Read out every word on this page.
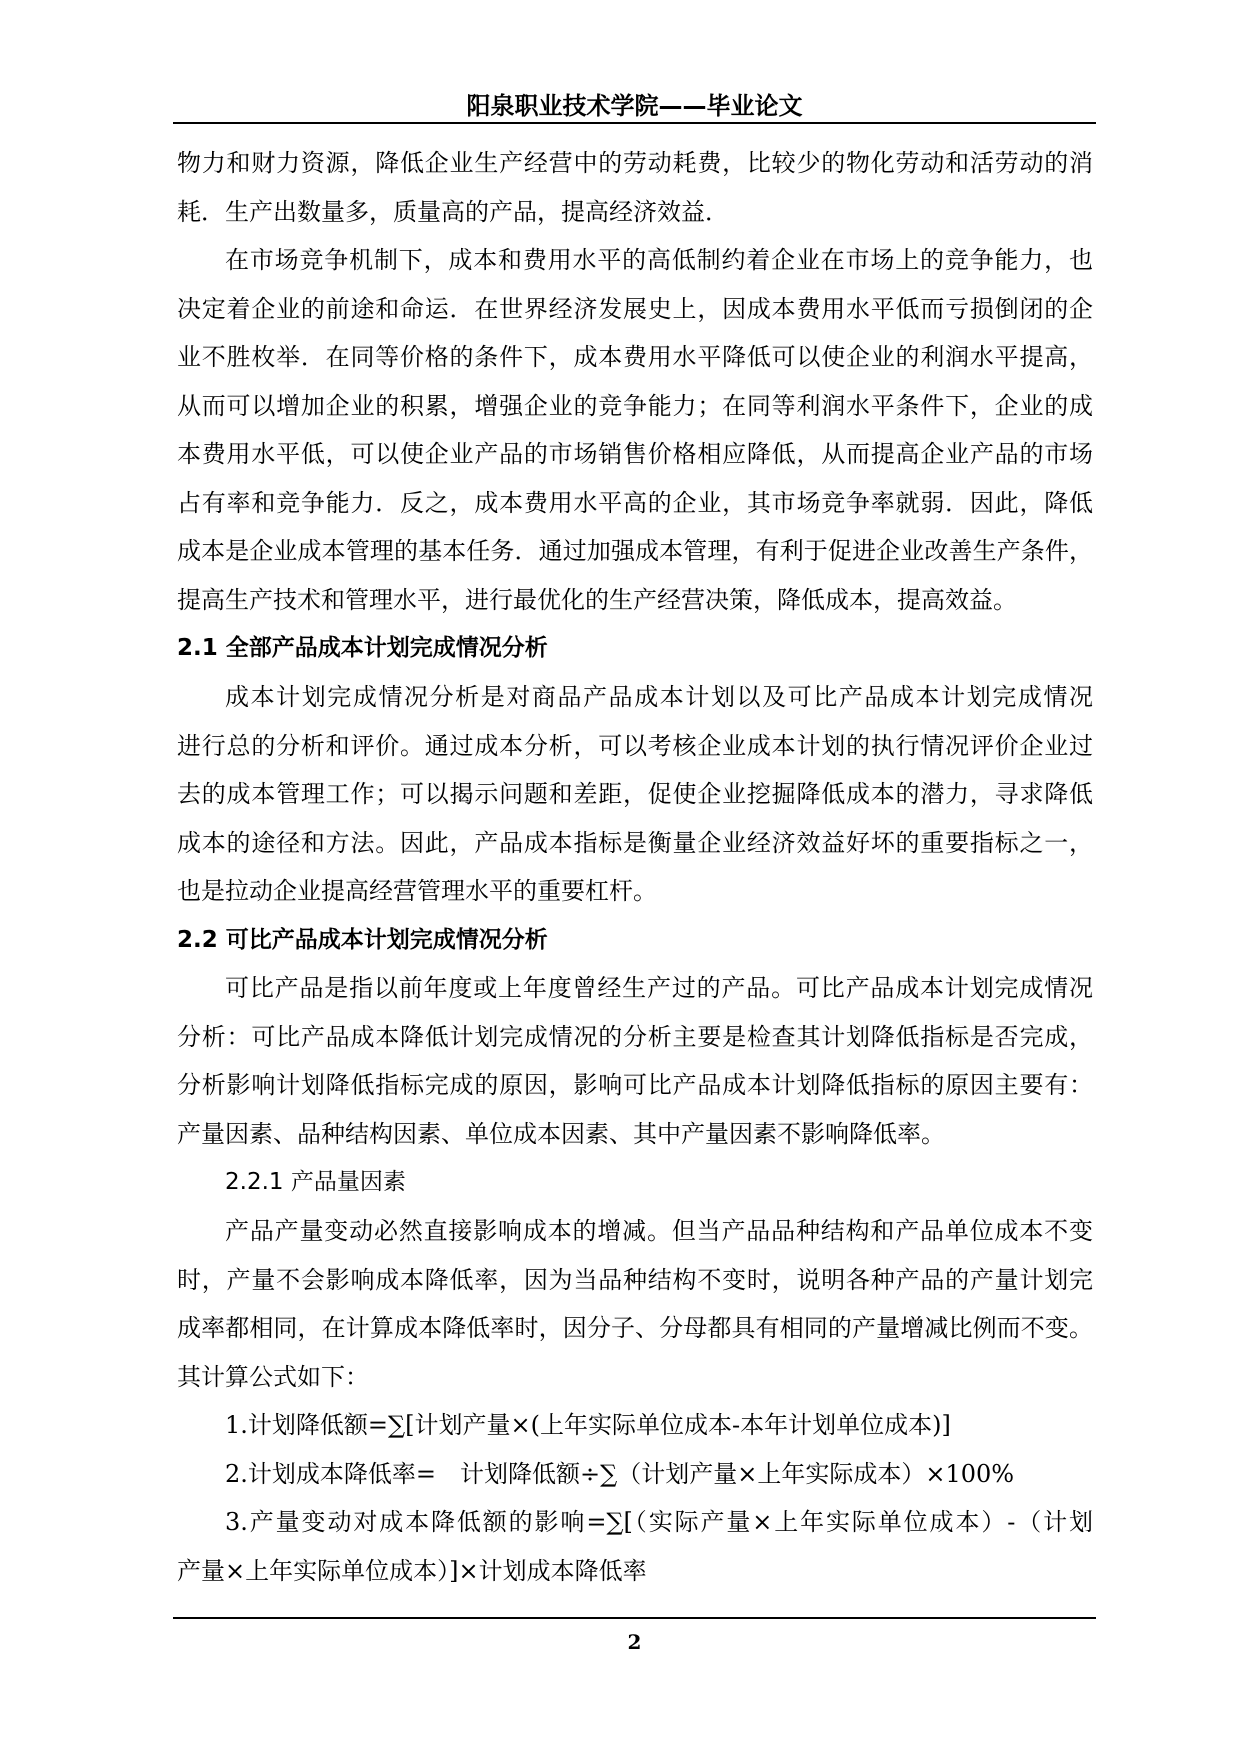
阳泉职业技术学院——毕业论文
物力和财力资源，降低企业生产经营中的劳动耗费，比较少的物化劳动和活劳动的消
耗．生产出数量多，质量高的产品，提高经济效益．
在市场竞争机制下，成本和费用水平的高低制约着企业在市场上的竞争能力，也
决定着企业的前途和命运．在世界经济发展史上，因成本费用水平低而亏损倒闭的企
业不胜枚举．在同等价格的条件下，成本费用水平降低可以使企业的利润水平提高，
从而可以增加企业的积累，增强企业的竞争能力；在同等利润水平条件下，企业的成
本费用水平低，可以使企业产品的市场销售价格相应降低，从而提高企业产品的市场
占有率和竞争能力．反之，成本费用水平高的企业，其市场竞争率就弱．因此，降低
成本是企业成本管理的基本任务．通过加强成本管理，有利于促进企业改善生产条件，
提高生产技术和管理水平，进行最优化的生产经营决策，降低成本，提高效益。
2.1 全部产品成本计划完成情况分析
成本计划完成情况分析是对商品产品成本计划以及可比产品成本计划完成情况
进行总的分析和评价。通过成本分析，可以考核企业成本计划的执行情况评价企业过
去的成本管理工作；可以揭示问题和差距，促使企业挖掘降低成本的潜力，寻求降低
成本的途径和方法。因此，产品成本指标是衡量企业经济效益好坏的重要指标之一，
也是拉动企业提高经营管理水平的重要杠杆。
2.2 可比产品成本计划完成情况分析
可比产品是指以前年度或上年度曾经生产过的产品。可比产品成本计划完成情况
分析：可比产品成本降低计划完成情况的分析主要是检查其计划降低指标是否完成，
分析影响计划降低指标完成的原因，影响可比产品成本计划降低指标的原因主要有：
产量因素、品种结构因素、单位成本因素、其中产量因素不影响降低率。
2.2.1 产品量因素
产品产量变动必然直接影响成本的增减。但当产品品种结构和产品单位成本不变
时，产量不会影响成本降低率，因为当品种结构不变时，说明各种产品的产量计划完
成率都相同，在计算成本降低率时，因分子、分母都具有相同的产量增减比例而不变。
其计算公式如下：
1.计划降低额=∑[计划产量×(上年实际单位成本-本年计划单位成本)]
2.计划成本降低率=　计划降低额÷∑（计划产量×上年实际成本）×100%
3.产量变动对成本降低额的影响=∑[（实际产量×上年实际单位成本）-（计划
产量×上年实际单位成本）]×计划成本降低率
2
